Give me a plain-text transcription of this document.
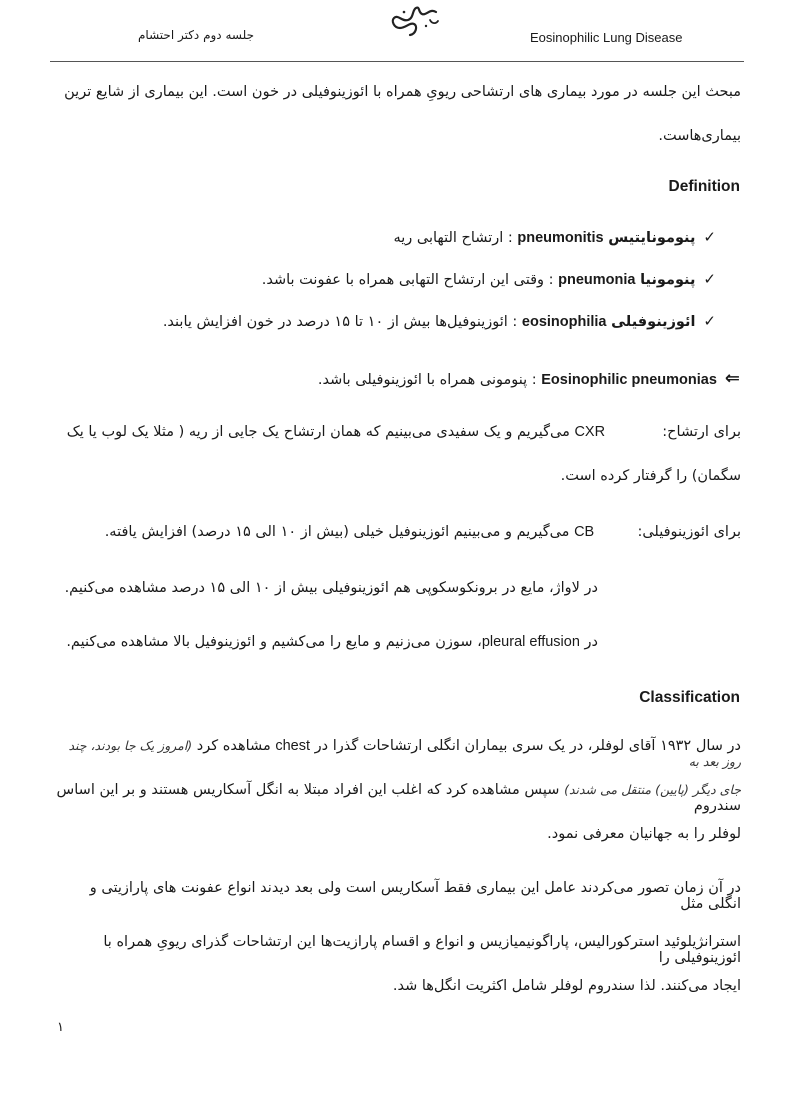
Eosinophilic Lung Disease
جلسه دوم دکتر احتشام
مبحث این جلسه در مورد بیماری های ارتشاحی ریویِ همراه با ائوزینوفیلی در خون است. این بیماری از شایع ترین
بیماری‌هاست.
Definition
✓پنومونایتیس pneumonitis : ارتشاح التهابی ریه
✓پنومونیا pneumonia : وقتی این ارتشاح التهابی همراه با عفونت باشد.
✓ائوزینوفیلی eosinophilia : ائوزینوفیل‌ها بیش از ۱۰ تا ۱۵ درصد در خون افزایش یابند.
⇐Eosinophilic pneumonias : پنومونی همراه با ائوزینوفیلی باشد.
برای ارتشاح:  CXR می‌گیریم و یک سفیدی می‌بینیم که همان ارتشاح یک جایی از ریه ( مثلا یک لوب یا یک
سگمان) را گرفتار کرده است.
برای ائوزینوفیلی:  CB می‌گیریم و می‌بینیم ائوزینوفیل خیلی (بیش از ۱۰ الی ۱۵ درصد) افزایش یافته.
در لاواژ، مایع در برونکوسکوپی هم ائوزینوفیلی بیش از ۱۰ الی ۱۵ درصد مشاهده می‌کنیم.
در pleural effusion، سوزن می‌زنیم و مایع را می‌کشیم و ائوزینوفیل بالا مشاهده می‌کنیم.
Classification
در سال ۱۹۳۲ آقای لوفلر، در یک سری بیماران انگلی ارتشاحات گذرا در chest مشاهده کرد (امروز یک جا بودند، چند روز بعد به
جای دیگر (پایین) منتقل می شدند) سپس مشاهده کرد که اغلب این افراد مبتلا به انگل آسکاریس هستند و بر این اساس سندروم
لوفلر را به جهانیان معرفی نمود.
در آن زمان تصور می‌کردند عامل این بیماری فقط آسکاریس است ولی بعد دیدند انواع عفونت های پارازیتی و انگلی مثل
استرانژیلوئید استرکورالیس، پاراگونیمیازیس و انواع و اقسام پارازیت‌ها این ارتشاحات گذرای ریویِ همراه با ائوزینوفیلی را
ایجاد می‌کنند. لذا سندروم لوفلر شامل اکثریت انگل‌ها شد.
۱
